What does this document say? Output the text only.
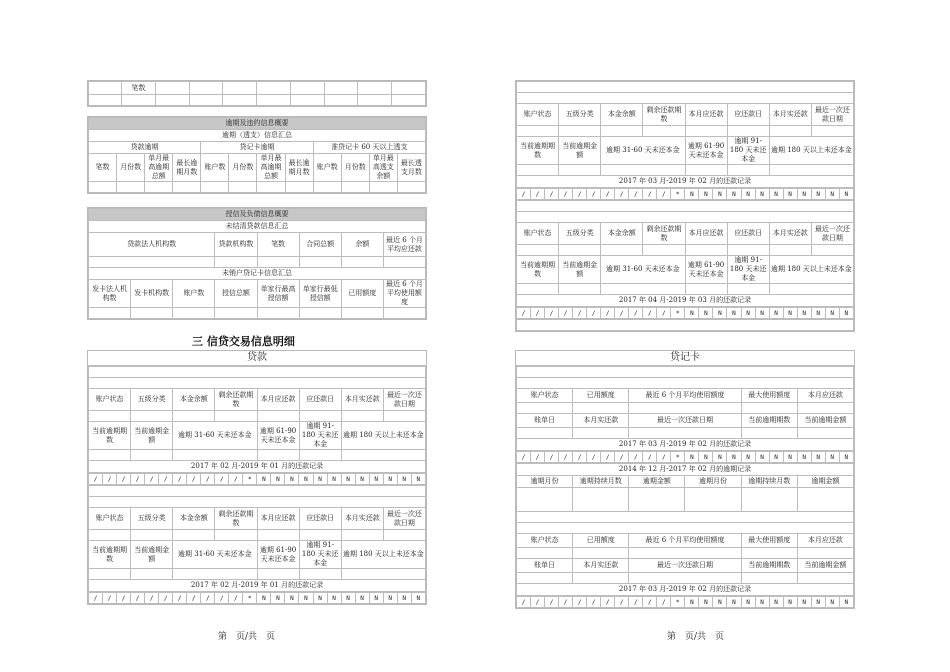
	笔数								

逾期及违约信息概要											
逾期（透支）信息汇总											
贷款逾期				贷记卡逾期				准贷记卡 60 天以上透支			
笔数	月份数	单月最高逾期总额	最长逾期月数	账户数	月份数	单月最高逾期总额	最长逾期月数	账户数	月份数	单月最高透支余额	最长透支月数

授信及负债信息概要							
未结清贷款信息汇总							
贷款法人机构数			贷款机构数	笔数	合同总额	余额	最近 6 个月平均应还款

未销户贷记卡信息汇总							
发卡法人机构数	发卡机构数	账户数	授信总额	单家行最高授信额	单家行最低授信额	已用额度	最近 6 个月平均使用额度

三 信贷交易信息明细
贷款

账户状态	五级分类	本金余额	剩余还款期数	本月应还款	应还款日	本月实还款	最近一次还款日期

当前逾期期数	当前逾期金额	逾期 31-60 天未还本金		逾期 61-90 天未还本金	逾期 91-180 天未还本金	逾期 180 天以上未还本金	

2017 年 02 月-2019 年 01 月的还款记录							
/	/	/	/	/	/	/	/	/	/	/	*	N	N	N	N	N	N	N	N	N	N	N	N

账户状态	五级分类	本金余额	剩余还款期数	本月应还款	应还款日	本月实还款	最近一次还款日期

当前逾期期数	当前逾期金额	逾期 31-60 天未还本金		逾期 61-90 天未还本金	逾期 91-180 天未还本金	逾期 180 天以上未还本金	

2017 年 02 月-2019 年 01 月的还款记录							
/	/	/	/	/	/	/	/	/	/	/	*	N	N	N	N	N	N	N	N	N	N	N	N
第　页/共　页

账户状态	五级分类	本金余额	剩余还款期数	本月应还款	应还款日	本月实还款	最近一次还款日期

当前逾期期数	当前逾期金额	逾期 31-60 天未还本金		逾期 61-90 天未还本金	逾期 91-180 天未还本金	逾期 180 天以上未还本金	

2017 年 03 月-2019 年 02 月的还款记录							
/	/	/	/	/	/	/	/	/	/	/	*	N	N	N	N	N	N	N	N	N	N	N	N

账户状态	五级分类	本金余额	剩余还款期数	本月应还款	应还款日	本月实还款	最近一次还款日期

当前逾期期数	当前逾期金额	逾期 31-60 天未还本金		逾期 61-90 天未还本金	逾期 91-180 天未还本金	逾期 180 天以上未还本金	

2017 年 04 月-2019 年 03 月的还款记录							
/	/	/	/	/	/	/	/	/	/	/	*	N	N	N	N	N	N	N	N	N	N	N	N
贷记卡

账户状态	已用额度	最近 6 个月平均使用额度	最大使用额度	本月应还款

账单日	本月实还款	最近一次还款日期	当前逾期期数	当前逾期金额

2017 年 03 月-2019 年 02 月的还款记录				
/	/	/	/	/	/	/	/	/	/	/	*	N	N	N	N	N	N	N	N	N	N	N	N
2014 年 12 月-2017 年 02 月的逾期记录					
逾期月份	逾期持续月数	逾期金额	逾期月份	逾期持续月数	逾期金额

账户状态	已用额度	最近 6 个月平均使用额度		最大使用额度	本月应还款

账单日	本月实还款	最近一次还款日期		当前逾期期数	当前逾期金额

2017 年 03 月-2019 年 02 月的还款记录					
/	/	/	/	/	/	/	/	/	/	/	*	N	N	N	N	N	N	N	N	N	N	N	N
第　页/共　页
